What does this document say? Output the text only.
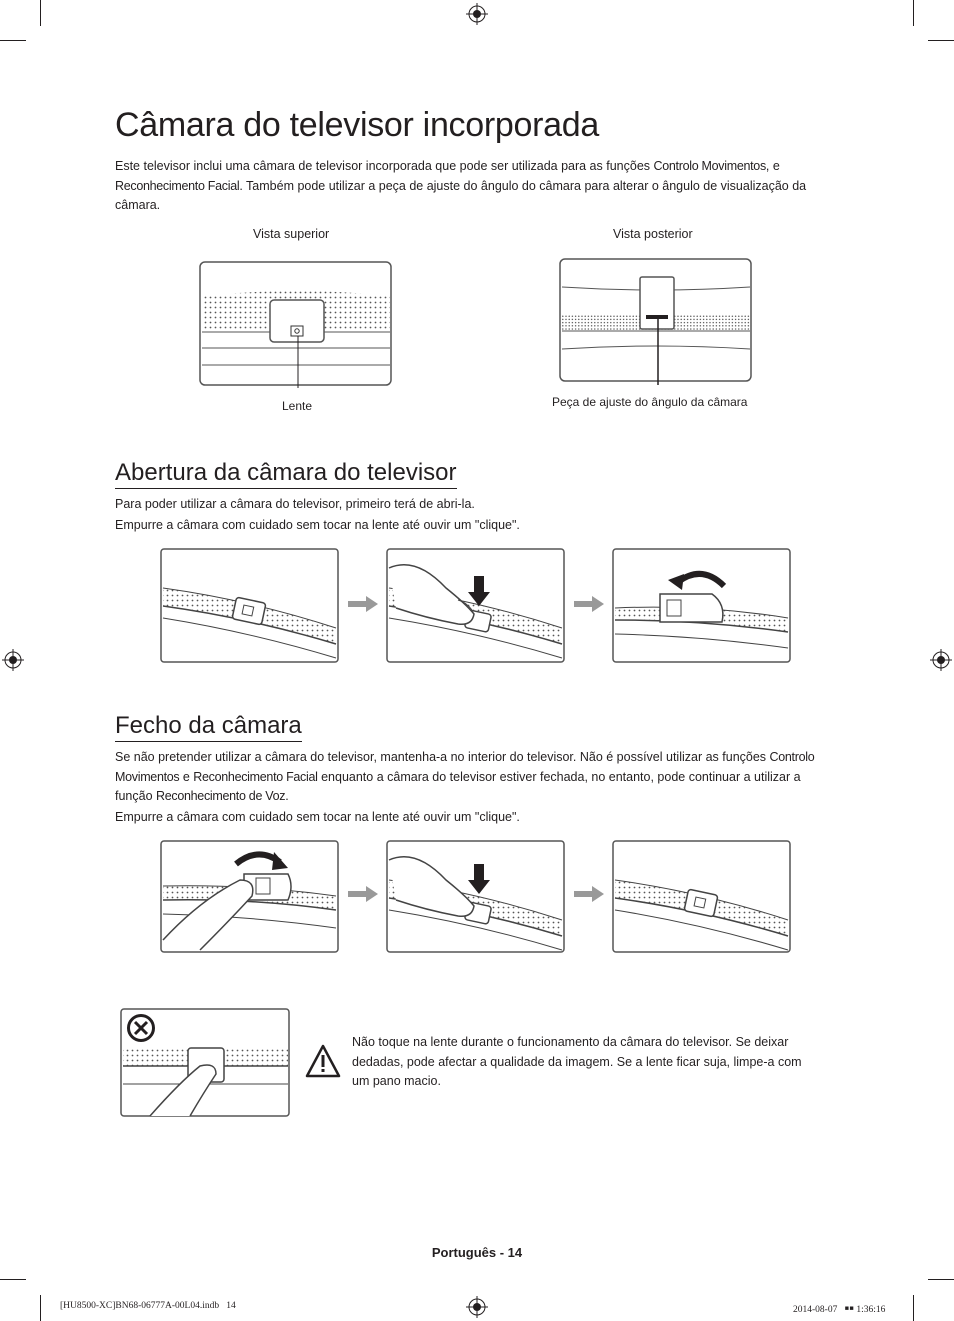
Câmara do televisor incorporada

Este televisor inclui uma câmara de televisor incorporada que pode ser utilizada para as funções Controlo Movimentos, e
Reconhecimento Facial. Também pode utilizar a peça de ajuste do ângulo do câmara para alterar o ângulo de visualização da
câmara.

Vista superior	Vista posterior
Lente	Peça de ajuste do ângulo da câmara
Abertura da câmara do televisor

Para poder utilizar a câmara do televisor, primeiro terá de abri-la.

Empurre a câmara com cuidado sem tocar na lente até ouvir um "clique".

Fecho da câmara

Se não pretender utilizar a câmara do televisor, mantenha-a no interior do televisor. Não é possível utilizar as funções Controlo
Movimentos e Reconhecimento Facial enquanto a câmara do televisor estiver fechada, no entanto, pode continuar a utilizar a
função Reconhecimento de Voz.

Empurre a câmara com cuidado sem tocar na lente até ouvir um "clique".

Não toque na lente durante o funcionamento da câmara do televisor. Se deixar
dedadas, pode afectar a qualidade da imagem. Se a lente ficar suja, limpe-a com
um pano macio.

Português - 14
[HU8500-XC]BN68-06777A-00L04.indb   14	2014-08-07   ￭￭ 1:36:16
